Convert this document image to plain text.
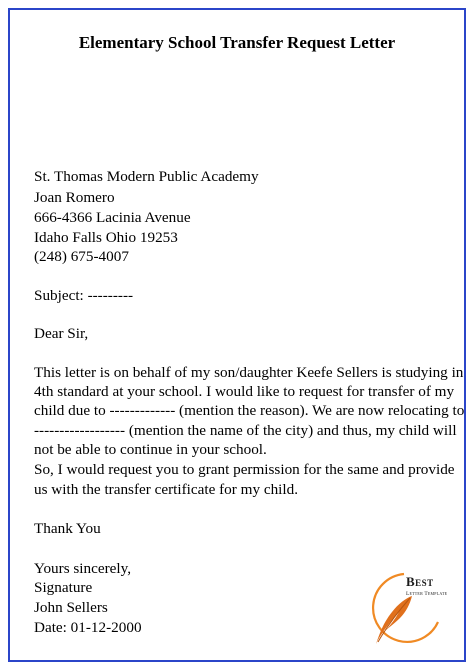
Elementary School Transfer Request Letter
St. Thomas Modern Public Academy
Joan Romero
666-4366 Lacinia Avenue
Idaho Falls Ohio 19253
(248) 675-4007
Subject: ---------
Dear Sir,
This letter is on behalf of my son/daughter Keefe Sellers is studying in
4th standard at your school. I would like to request for transfer of my
child due to ------------- (mention the reason). We are now relocating to
------------------ (mention the name of the city) and thus, my child will
not be able to continue in your school.
So, I would request you to grant permission for the same and provide
us with the transfer certificate for my child.
Thank You
Yours sincerely,
Signature
John Sellers
Date: 01-12-2000
Best
Letter Template
